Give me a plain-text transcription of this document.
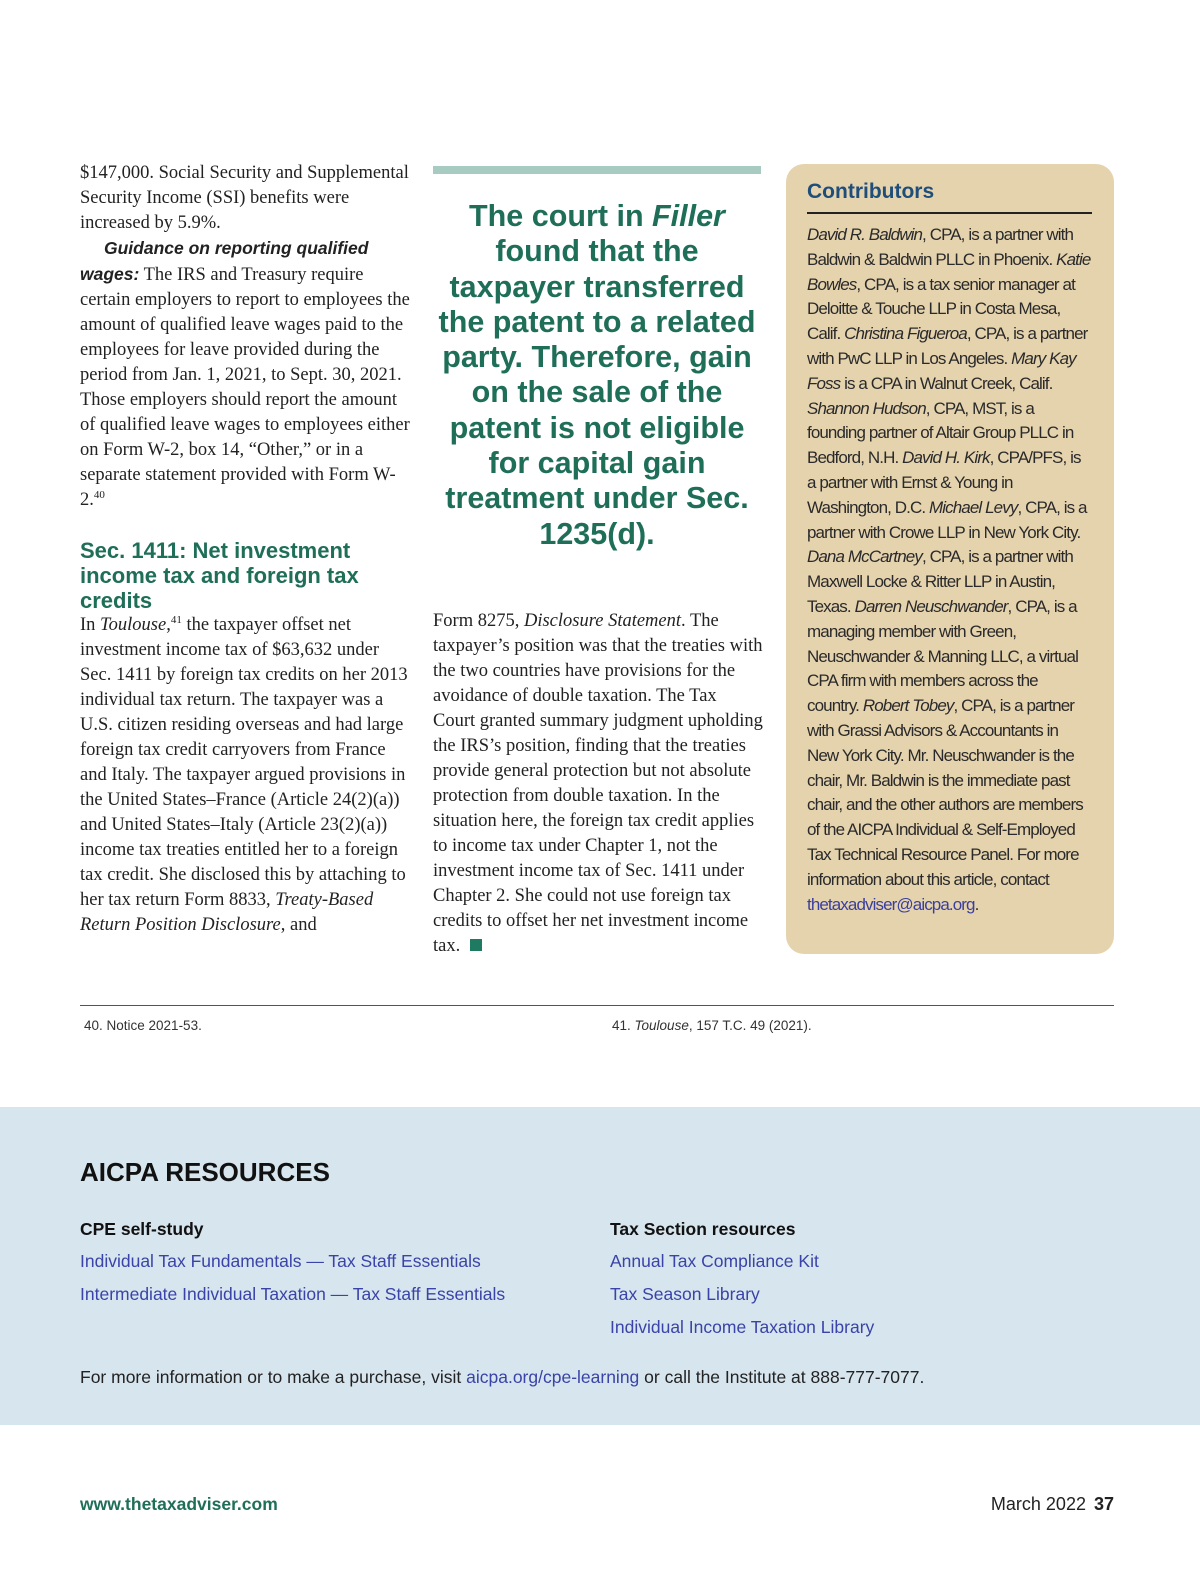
$147,000. Social Security and Supplemental Security Income (SSI) benefits were increased by 5.9%.

Guidance on reporting qualified wages: The IRS and Treasury require certain employers to report to employees the amount of qualified leave wages paid to the employees for leave provided during the period from Jan. 1, 2021, to Sept. 30, 2021. Those employers should report the amount of qualified leave wages to employees either on Form W-2, box 14, “Other,” or in a separate statement provided with Form W-2.40

Sec. 1411: Net investment income tax and foreign tax credits

In Toulouse,$^{41}$ the taxpayer offset net investment income tax of $63,632 under Sec. 1411 by foreign tax credits on her 2013 individual tax return. The taxpayer was a U.S. citizen residing overseas and had large foreign tax credit carryovers from France and Italy. The taxpayer argued provisions in the United States–France (Article 24(2)(a)) and United States–Italy (Article 23(2)(a)) income tax treaties entitled her to a foreign tax credit. She disclosed this by attaching to her tax return Form 8833, Treaty-Based Return Position Disclosure, and

The court in Filler found that the taxpayer transferred the patent to a related party. Therefore, gain on the sale of the patent is not eligible for capital gain treatment under Sec. 1235(d).

Form 8275, Disclosure Statement. The taxpayer’s position was that the treaties with the two countries have provisions for the avoidance of double taxation. The Tax Court granted summary judgment upholding the IRS’s position, finding that the treaties provide general protection but not absolute protection from double taxation. In the situation here, the foreign tax credit applies to income tax under Chapter 1, not the investment income tax of Sec. 1411 under Chapter 2. She could not use foreign tax credits to offset her net investment income tax.

Contributors
David R. Baldwin, CPA, is a partner with Baldwin & Baldwin PLLC in Phoenix. Katie Bowles, CPA, is a tax senior manager at Deloitte & Touche LLP in Costa Mesa, Calif. Christina Figueroa, CPA, is a partner with PwC LLP in Los Angeles. Mary Kay Foss is a CPA in Walnut Creek, Calif. Shannon Hudson, CPA, MST, is a founding partner of Altair Group PLLC in Bedford, N.H. David H. Kirk, CPA/PFS, is a partner with Ernst & Young in Washington, D.C. Michael Levy, CPA, is a partner with Crowe LLP in New York City. Dana McCartney, CPA, is a partner with Maxwell Locke & Ritter LLP in Austin, Texas. Darren Neuschwander, CPA, is a managing member with Green, Neuschwander & Manning LLC, a virtual CPA firm with members across the country. Robert Tobey, CPA, is a partner with Grassi Advisors & Accountants in New York City. Mr. Neuschwander is the chair, Mr. Baldwin is the immediate past chair, and the other authors are members of the AICPA Individual & Self-Employed Tax Technical Resource Panel. For more information about this article, contact thetaxadviser@aicpa.org.
40. Notice 2021-53.	41. Toulouse, 157 T.C. 49 (2021).
AICPA RESOURCES
CPE self-study
Individual Tax Fundamentals — Tax Staff Essentials
Intermediate Individual Taxation — Tax Staff Essentials
Tax Section resources
Annual Tax Compliance Kit
Tax Season Library
Individual Income Taxation Library
For more information or to make a purchase, visit aicpa.org/cpe-learning or call the Institute at 888-777-7077.
www.thetaxadviser.com	March 2022 37
